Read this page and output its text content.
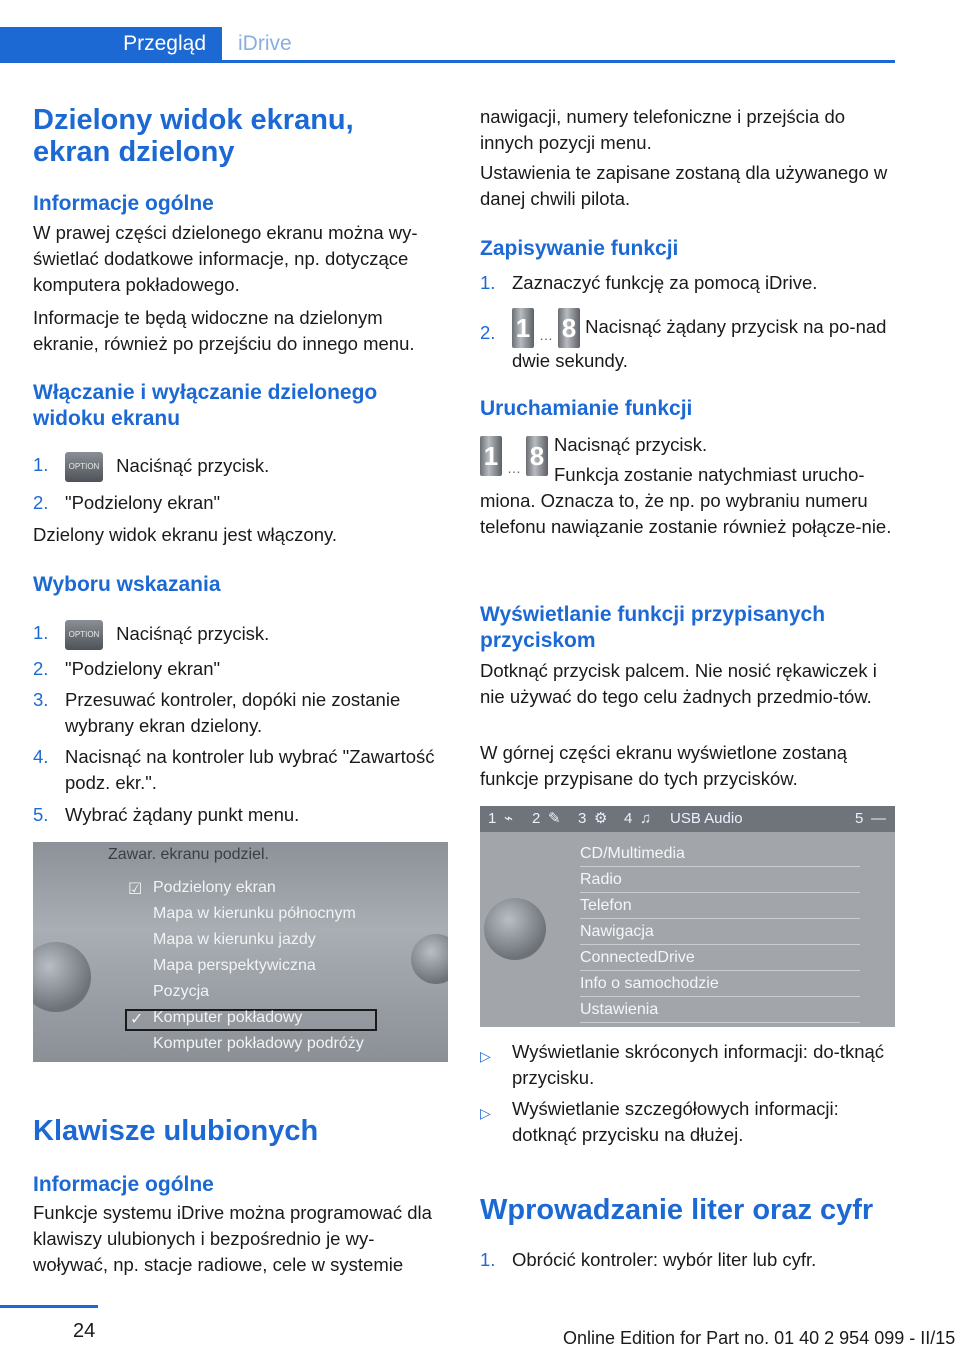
Przegląd	iDrive
Dzielony widok ekranu, ekran dzielony
Informacje ogólne

W prawej części dzielonego ekranu można wy‐świetlać dodatkowe informacje, np. dotyczące komputera pokładowego.

Informacje te będą widoczne na dzielonym ekranie, również po przejściu do innego menu.

Włączanie i wyłączanie dzielonego widoku ekranu
1.	OPTION Naciśnąć przycisk.
2. "Podzielony ekran"

Dzielony widok ekranu jest włączony.

Wyboru wskazania
1.	OPTION Naciśnąć przycisk.
2. "Podzielony ekran"
3. Przesuwać kontroler, dopóki nie zostanie wybrany ekran dzielony.
4. Nacisnąć na kontroler lub wybrać "Zawartość podz. ekr.".
5. Wybrać żądany punkt menu.
Zawar. ekranu podziel.
☑ Podzielony ekran
Mapa w kierunku północnym
Mapa w kierunku jazdy
Mapa perspektywiczna
Pozycja
✓ Komputer pokładowy
Komputer pokładowy podróży
Klawisze ulubionych
Informacje ogólne

Funkcje systemu iDrive można programować dla klawiszy ulubionych i bezpośrednio je wy‐woływać, np. stacje radiowe, cele w systemie

nawigacji, numery telefoniczne i przejścia do innych pozycji menu.

Ustawienia te zapisane zostaną dla używanego w danej chwili pilota.

Zapisywanie funkcji
1. Zaznaczyć funkcję za pomocą iDrive.
2. 1 … 8 Nacisnąć żądany przycisk na po‐nad dwie sekundy.
Uruchamianie funkcji
1 … 8 Nacisnąć przycisk.

Funkcja zostanie natychmiast urucho‐miona. Oznacza to, że np. po wybraniu numeru telefonu nawiązanie zostanie również połącze‐nie.

Wyświetlanie funkcji przypisanych przyciskom

Dotknąć przycisk palcem. Nie nosić rękawiczek i nie używać do tego celu żadnych przedmio‐tów.

W górnej części ekranu wyświetlone zostaną funkcje przypisane do tych przycisków.

1 ⌁ 2 ✎ 3 ⚙ 4 ♫ USB Audio	5 —
CD/Multimedia
Radio
Telefon
Nawigacja
ConnectedDrive
Info o samochodzie
Ustawienia
▷ Wyświetlanie skróconych informacji: do‐tknąć przycisku.
▷ Wyświetlanie szczegółowych informacji: dotknąć przycisku na dłużej.
Wprowadzanie liter oraz cyfr
1. Obrócić kontroler: wybór liter lub cyfr.
24	Online Edition for Part no. 01 40 2 954 099 - II/15
